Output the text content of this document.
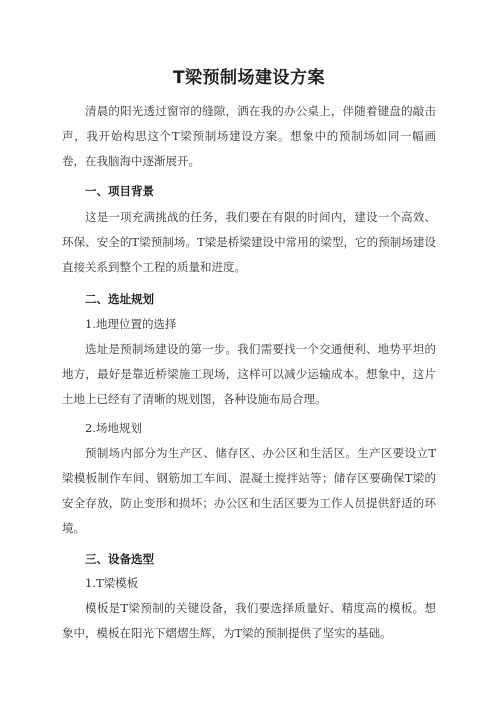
T梁预制场建设方案

清晨的阳光透过窗帘的缝隙，洒在我的办公桌上，伴随着键盘的敲击声，我开始构思这个T梁预制场建设方案。想象中的预制场如同一幅画卷，在我脑海中逐渐展开。

一、项目背景

这是一项充满挑战的任务，我们要在有限的时间内，建设一个高效、环保、安全的T梁预制场。T梁是桥梁建设中常用的梁型，它的预制场建设直接关系到整个工程的质量和进度。

二、选址规划

1.地理位置的选择

选址是预制场建设的第一步。我们需要找一个交通便利、地势平坦的地方，最好是靠近桥梁施工现场，这样可以减少运输成本。想象中，这片土地上已经有了清晰的规划图，各种设施布局合理。

2.场地规划

预制场内部分为生产区、储存区、办公区和生活区。生产区要设立T梁模板制作车间、钢筋加工车间、混凝土搅拌站等；储存区要确保T梁的安全存放，防止变形和损坏；办公区和生活区要为工作人员提供舒适的环境。

三、设备选型

1.T梁模板

模板是T梁预制的关键设备，我们要选择质量好、精度高的模板。想象中，模板在阳光下熠熠生辉，为T梁的预制提供了坚实的基础。
